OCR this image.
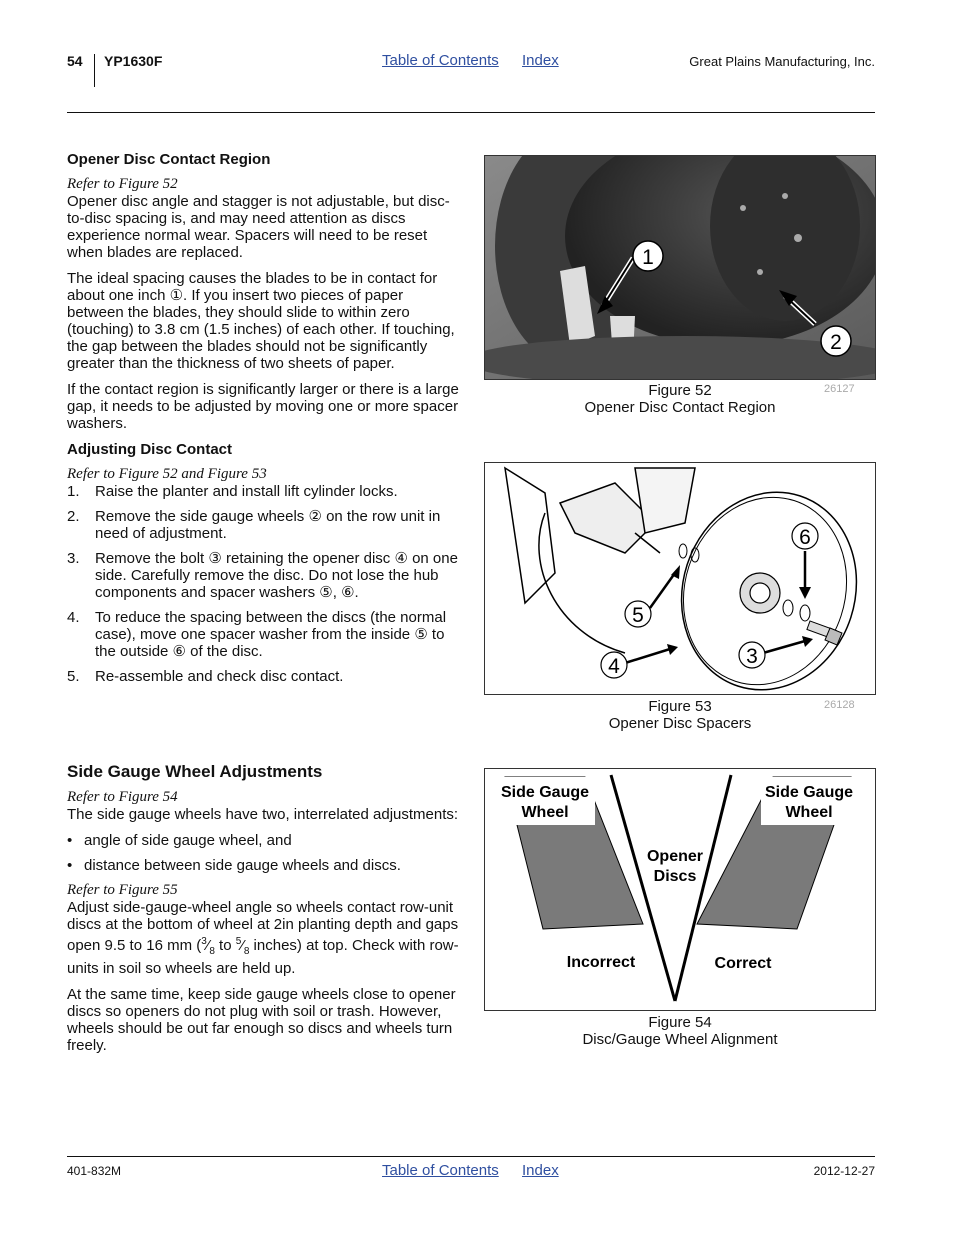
54 YP1630F	Table of Contents Index	Great Plains Manufacturing, Inc.
Opener Disc Contact Region
Refer to Figure 52

Opener disc angle and stagger is not adjustable, but disc-to-disc spacing is, and may need attention as discs experience normal wear. Spacers will need to be reset when blades are replaced.

The ideal spacing causes the blades to be in contact for about one inch ①. If you insert two pieces of paper between the blades, they should slide to within zero (touching) to 3.8 cm (1.5 inches) of each other. If touching, the gap between the blades should not be significantly greater than the thickness of two sheets of paper.

If the contact region is significantly larger or there is a large gap, it needs to be adjusted by moving one or more spacer washers.

Adjusting Disc Contact
Refer to Figure 52 and Figure 53
1. Raise the planter and install lift cylinder locks.
2. Remove the side gauge wheels ② on the row unit in need of adjustment.
3. Remove the bolt ③ retaining the opener disc ④ on one side. Carefully remove the disc. Do not lose the hub components and spacer washers ⑤, ⑥.
4. To reduce the spacing between the discs (the normal case), move one spacer washer from the inside ⑤ to the outside ⑥ of the disc.
5. Re-assemble and check disc contact.
Side Gauge Wheel Adjustments
Refer to Figure 54

The side gauge wheels have two, interrelated adjustments:

• angle of side gauge wheel, and
• distance between side gauge wheels and discs.
Refer to Figure 55

Adjust side-gauge-wheel angle so wheels contact row-unit discs at the bottom of wheel at 2in planting depth and gaps open 9.5 to 16 mm ($^3⁄_8$ to $^5⁄_8$ inches) at top. Check with row-units in soil so wheels are held up.

At the same time, keep side gauge wheels close to opener discs so openers do not plug with soil or trash. However, wheels should be out far enough so discs and wheels turn freely.

1
2
Figure 52
Opener Disc Contact Region
26127
6
5
4	3
Figure 53
Opener Disc Spacers
26128
Side Gauge
Wheel
Side Gauge
Wheel
Opener
Discs
Incorrect	Correct
Figure 54
Disc/Gauge Wheel Alignment
401-832M	Table of Contents Index	2012-12-27
